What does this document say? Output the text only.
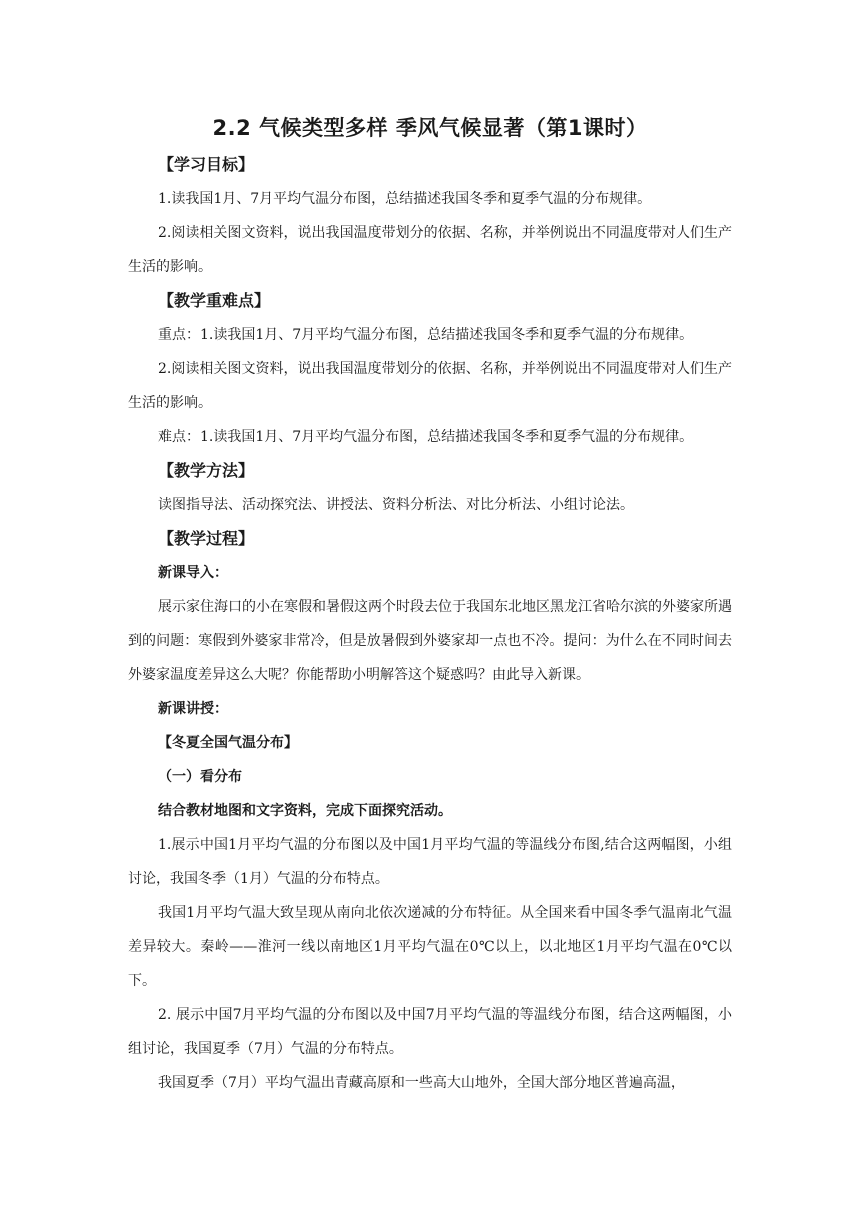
2.2 气候类型多样 季风气候显著（第1课时）
【学习目标】

1.读我国1月、7月平均气温分布图，总结描述我国冬季和夏季气温的分布规律。

2.阅读相关图文资料，说出我国温度带划分的依据、名称，并举例说出不同温度带对人们生产生活的影响。

【教学重难点】

重点：1.读我国1月、7月平均气温分布图，总结描述我国冬季和夏季气温的分布规律。

2.阅读相关图文资料，说出我国温度带划分的依据、名称，并举例说出不同温度带对人们生产生活的影响。

难点：1.读我国1月、7月平均气温分布图，总结描述我国冬季和夏季气温的分布规律。

【教学方法】

读图指导法、活动探究法、讲授法、资料分析法、对比分析法、小组讨论法。

【教学过程】
新课导入：

展示家住海口的小在寒假和暑假这两个时段去位于我国东北地区黑龙江省哈尔滨的外婆家所遇到的问题：寒假到外婆家非常冷，但是放暑假到外婆家却一点也不冷。提问：为什么在不同时间去外婆家温度差异这么大呢？你能帮助小明解答这个疑惑吗？由此导入新课。

新课讲授：
【冬夏全国气温分布】
（一）看分布
结合教材地图和文字资料，完成下面探究活动。

1.展示中国1月平均气温的分布图以及中国1月平均气温的等温线分布图,结合这两幅图，小组讨论，我国冬季（1月）气温的分布特点。

我国1月平均气温大致呈现从南向北依次递减的分布特征。从全国来看中国冬季气温南北气温差异较大。秦岭——淮河一线以南地区1月平均气温在0℃以上，以北地区1月平均气温在0℃以下。

2. 展示中国7月平均气温的分布图以及中国7月平均气温的等温线分布图，结合这两幅图，小组讨论，我国夏季（7月）气温的分布特点。

我国夏季（7月）平均气温出青藏高原和一些高大山地外，全国大部分地区普遍高温，
